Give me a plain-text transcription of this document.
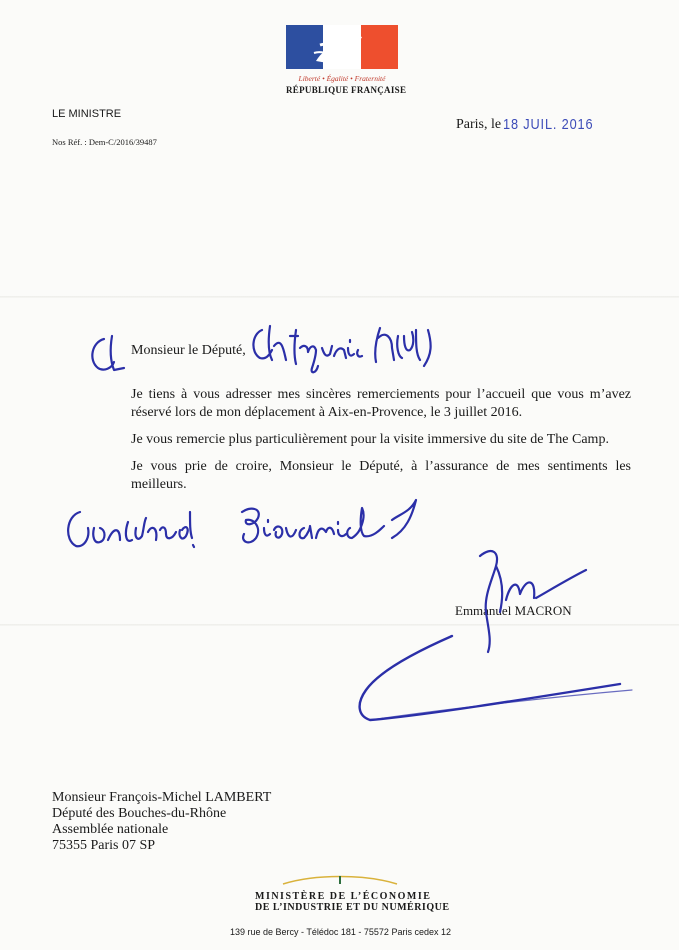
Liberté • Égalité • Fraternité
RÉPUBLIQUE FRANÇAISE
LE MINISTRE
Nos Réf. : Dem-C/2016/39487
Paris, le 18 JUIL. 2016
Monsieur le Député,

Je tiens à vous adresser mes sincères remerciements pour l’accueil que vous m’avez réservé lors de mon déplacement à Aix-en-Provence, le 3 juillet 2016.

Je vous remercie plus particulièrement pour la visite immersive du site de The Camp.

Je vous prie de croire, Monsieur le Député, à l’assurance de mes sentiments les meilleurs.

Emmanuel MACRON
Monsieur François-Michel LAMBERT
Député des Bouches-du-Rhône
Assemblée nationale
75355 Paris 07 SP
MINISTÈRE DE L’ÉCONOMIE
DE L’INDUSTRIE ET DU NUMÉRIQUE
139 rue de Bercy - Télédoc 181 - 75572 Paris cedex 12
